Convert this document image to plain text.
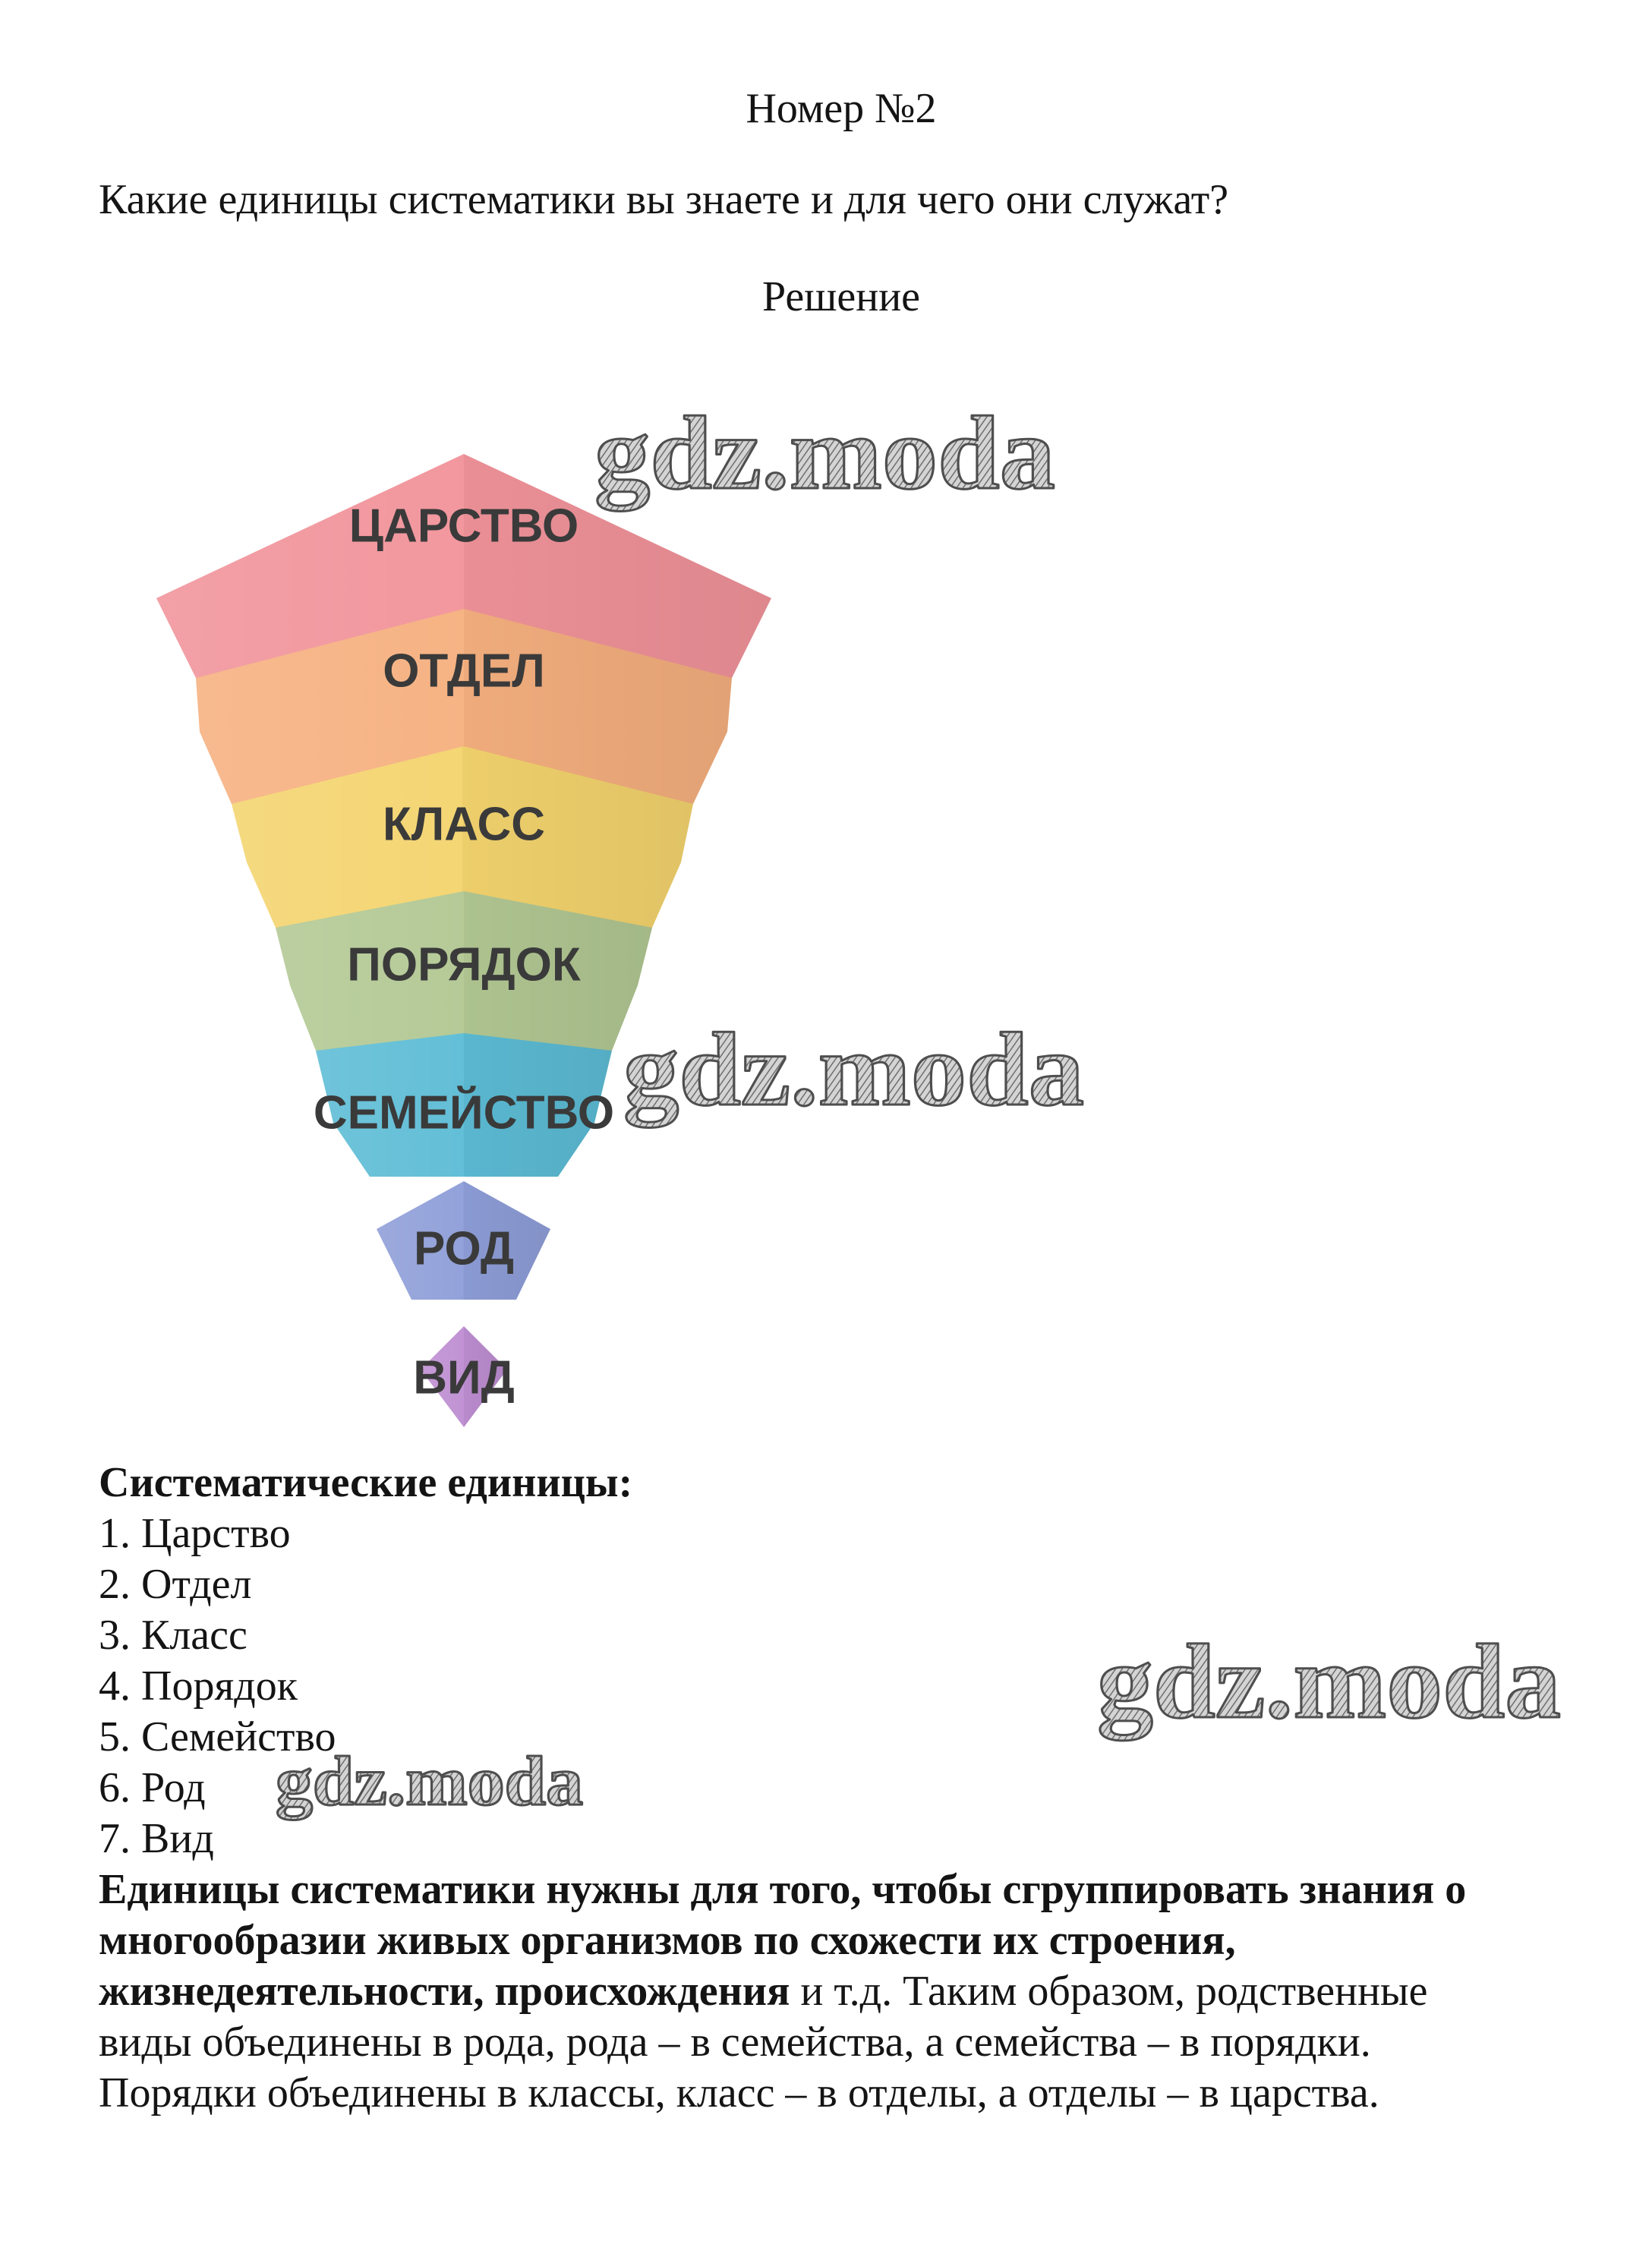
Номер №2
Какие единицы систематики вы знаете и для чего они служат?
Решение
ЦАРСТВО
ОТДЕЛ
КЛАСС
ПОРЯДОК
СЕМЕЙСТВО
РОД
ВИД
Систематические единицы:
1. Царство
2. Отдел
3. Класс
4. Порядок
5. Семейство
6. Род
7. Вид
Единицы систематики нужны для того, чтобы сгруппировать знания о
многообразии живых организмов по схожести их строения,
жизнедеятельности, происхождения и т.д. Таким образом, родственные
виды объединены в рода, рода – в семейства, а семейства – в порядки.
Порядки объединены в классы, класс – в отделы, а отделы – в царства.
gdz.moda
gdz.moda
gdz.moda
gdz.moda
